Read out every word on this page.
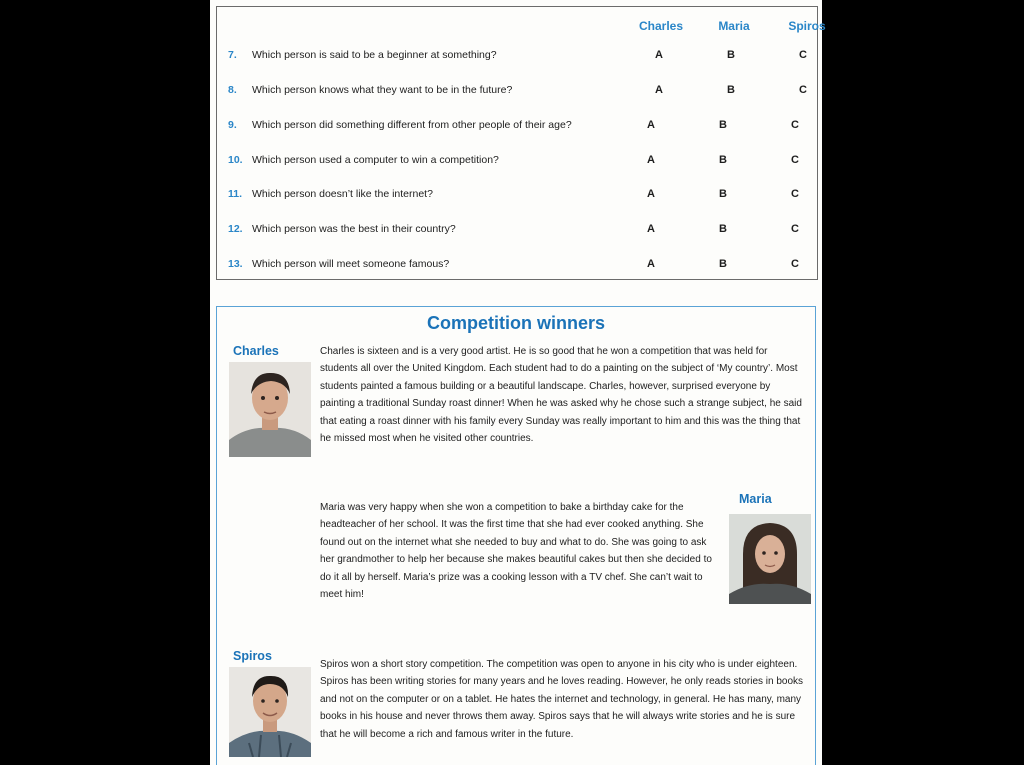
Charles	Maria	Spiros
7. Which person is said to be a beginner at something?	A	B	C
8. Which person knows what they want to be in the future?	A	B	C
9. Which person did something different from other people of their age?	A	B	C
10. Which person used a computer to win a competition?	A	B	C
11. Which person doesn’t like the internet?	A	B	C
12. Which person was the best in their country?	A	B	C
13. Which person will meet someone famous?	A	B	C
Competition winners
Charles	Charles is sixteen and is a very good artist. He is so good that he won a competition that was held for students all over the United Kingdom. Each student had to do a painting on the subject of ‘My country’. Most students painted a famous building or a beautiful landscape. Charles, however, surprised everyone by painting a traditional Sunday roast dinner! When he was asked why he chose such a strange subject, he said that eating a roast dinner with his family every Sunday was really important to him and this was the thing that he missed most when he visited other countries.
Maria was very happy when she won a competition to bake a birthday cake for the headteacher of her school. It was the first time that she had ever cooked anything. She found out on the internet what she needed to buy and what to do. She was going to ask her grandmother to help her because she makes beautiful cakes but then she decided to do it all by herself. Maria’s prize was a cooking lesson with a TV chef. She can’t wait to meet him!
Maria
Spiros
Spiros won a short story competition. The competition was open to anyone in his city who is under eighteen. Spiros has been writing stories for many years and he loves reading. However, he only reads stories in books and not on the computer or on a tablet. He hates the internet and technology, in general. He has many, many books in his house and never throws them away. Spiros says that he will always write stories and he is sure that he will become a rich and famous writer in the future.
